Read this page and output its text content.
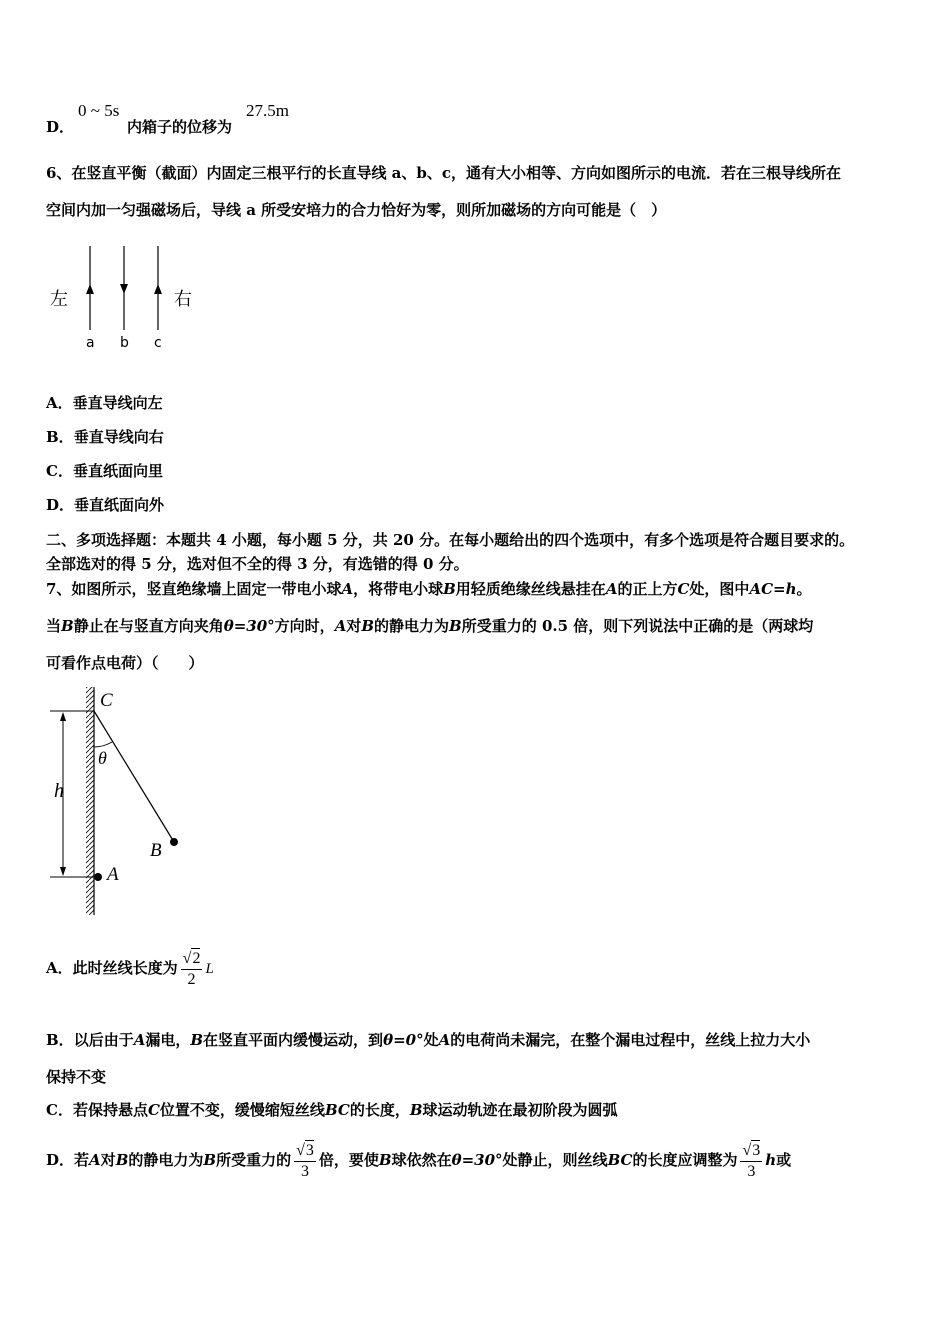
D．
0 ~ 5s
内箱子的位移为
27.5m
6、在竖直平衡（截面）内固定三根平行的长直导线 a、b、c，通有大小相等、方向如图所示的电流．若在三根导线所在
空间内加一匀强磁场后，导线 a 所受安培力的合力恰好为零，则所加磁场的方向可能是（　）
左	右
a b c
A．垂直导线向左
B．垂直导线向右
C．垂直纸面向里
D．垂直纸面向外
二、多项选择题：本题共 4 小题，每小题 5 分，共 20 分。在每小题给出的四个选项中，有多个选项是符合题目要求的。
全部选对的得 5 分，选对但不全的得 3 分，有选错的得 0 分。
7、如图所示，竖直绝缘墙上固定一带电小球A，将带电小球B用轻质绝缘丝线悬挂在A的正上方C处，图中AC=h。
当B静止在与竖直方向夹角θ=30°方向时，A对B的静电力为B所受重力的 0.5 倍，则下列说法中正确的是（两球均
可看作点电荷）（　　）
C
θ
h
B
A
A．此时丝线长度为 $\frac{√2}{2}$ L
B．以后由于A漏电，B在竖直平面内缓慢运动，到θ=0°处A的电荷尚未漏完，在整个漏电过程中，丝线上拉力大小
保持不变
C．若保持悬点C位置不变，缓慢缩短丝线BC的长度，B球运动轨迹在最初阶段为圆弧
D．若A对B的静电力为B所受重力的 $\frac{√3}{3}$ 倍，要使B球依然在θ=30°处静止，则丝线BC的长度应调整为 $\frac{√3}{3}$ h或
